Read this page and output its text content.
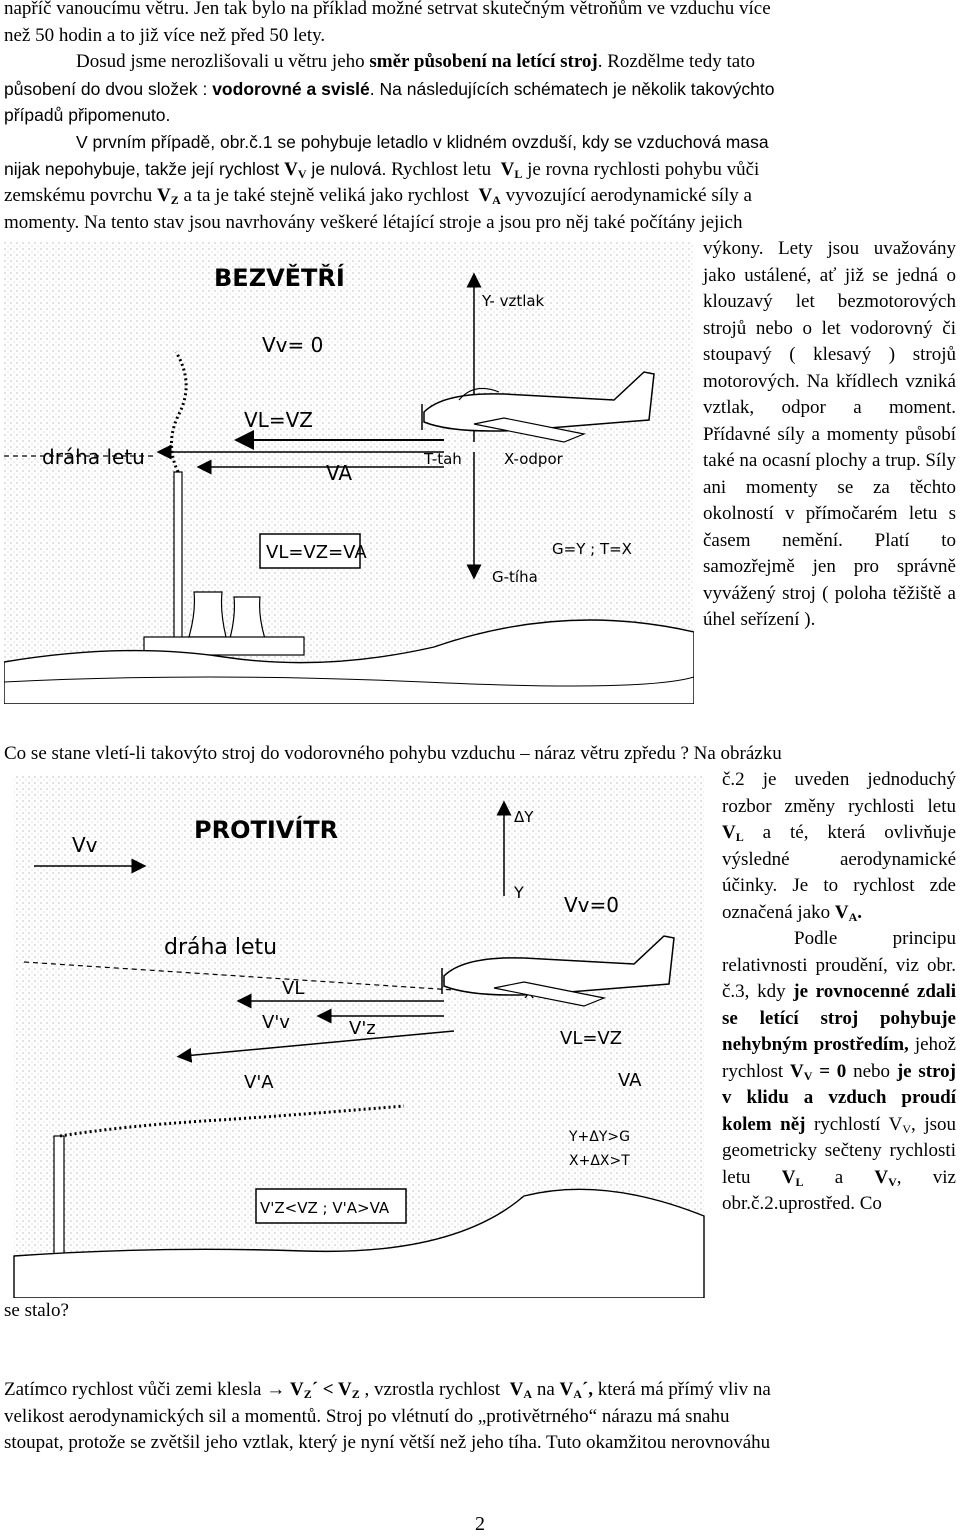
napříč vanoucímu větru. Jen tak bylo na příklad možné setrvat skutečným větroňům ve vzduchu více
než 50 hodin a to již více než před 50 lety.
Dosud jsme nerozlišovali u větru jeho směr působení na letící stroj. Rozdělme tedy tato
působení do dvou složek : vodorovné a svislé. Na následujících schématech je několik takovýchto
případů připomenuto.
V prvním případě, obr.č.1 se pohybuje letadlo v klidném ovzduší, kdy se vzduchová masa
nijak nepohybuje, takže její rychlost $V_V$ je nulová. Rychlost letu  $V_L$ je rovna rychlosti pohybu vůči
zemskému povrchu $V_Z$ a ta je také stejně veliká jako rychlost  $V_A$ vyvozující aerodynamické síly a
momenty. Na tento stav jsou navrhovány veškeré létající stroje a jsou pro něj také počítány jejich
BEZVĚTŘÍ
Vv= 0
dráha letu
VL=VZ
VA
VL=VZ=VA
Y- vztlak
G-tíha
T-tah	X-odpor
G=Y ; T=X
výkony. Lety jsou uvažovány jako ustálené, ať již se jedná o klouzavý let bezmotorových strojů nebo o let vodorovný či stoupavý ( klesavý ) strojů motorových. Na křídlech vzniká vztlak, odpor a moment. Přídavné síly a momenty působí také na ocasní plochy a trup. Síly ani momenty se za těchto okolností v přímočarém letu s časem nemění. Platí to samozřejmě jen pro správně vyvážený stroj ( poloha těžiště a úhel seřízení ).
Co se stane vletí-li takovýto stroj do vodorovného pohybu vzduchu – náraz větru zpředu ? Na obrázku
PROTIVÍTR
Vv
ΔY
Y
Vv=0
dráha letu
VL
V'v	V'z	VL=VZ
V'A	VA
Y+ΔY>G
X+ΔX>T
V'Z<VZ ; V'A>VA
č.2 je uveden jednoduchý rozbor změny rychlosti letu $V_L$ a té, která ovlivňuje výsledné aerodynamické účinky. Je to rychlost zde označená jako $V_A$.
Podle principu relativnosti proudění, viz obr. č.3, kdy je rovnocenné zdali se letící stroj pohybuje nehybným prostředím, jehož rychlost $V_V = 0$ nebo je stroj v klidu a vzduch proudí kolem něj rychlostí $V_V$, jsou geometricky sečteny rychlosti letu $V_L$ a $V_V$, viz obr.č.2.uprostřed. Co
se stalo?
Zatímco rychlost vůči zemi klesla → $V_Z´ < V_Z$ , vzrostla rychlost  $V_A$ na $V_A´$, která má přímý vliv na
velikost aerodynamických sil a momentů. Stroj po vlétnutí do „protivětrného“ nárazu má snahu
stoupat, protože se zvětšil jeho vztlak, který je nyní větší než jeho tíha. Tuto okamžitou nerovnováhu
2
